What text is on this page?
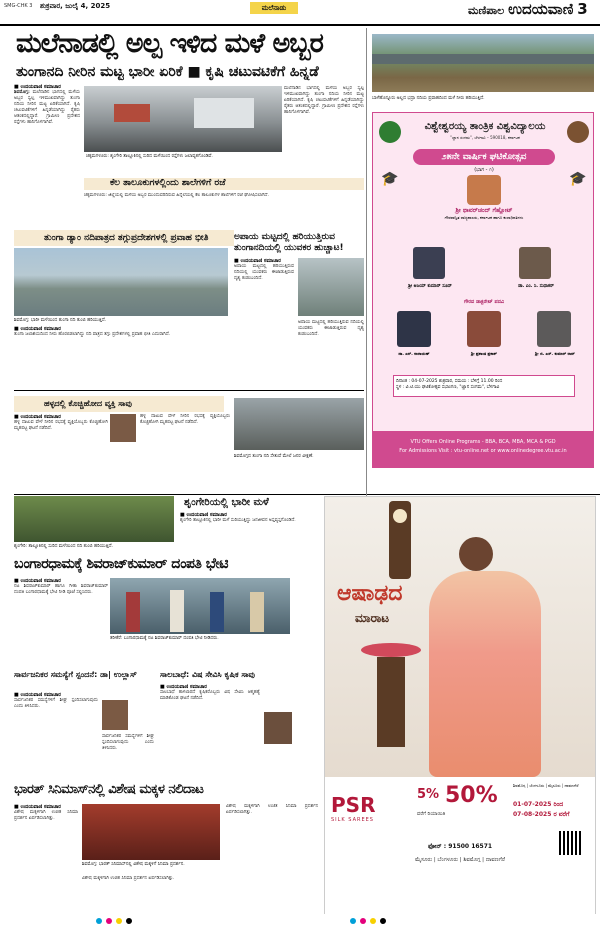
SMG-CHK 3 ಶುಕ್ರವಾರ, ಜುಲೈ 4, 2025	ಮಲೆನಾಡು	ಮಣಿಪಾಲ ಉದಯವಾಣಿ 3
ಮಲೆನಾಡಲ್ಲಿ ಅಲ್ಪ ಇಳಿದ ಮಳೆ ಅಬ್ಬರ
ತುಂಗಾನದಿ ನೀರಿನ ಮಟ್ಟ ಭಾರೀ ಏರಿಕೆ ■ ಕೃಷಿ ಚಟುವಟಿಕೆಗೆ ಹಿನ್ನಡೆ
■ ಉದಯವಾಣಿ ಸಮಾಚಾರ
ಶಿವಮೊಗ್ಗ: ಮಲೆನಾಡಿನ ಭಾಗದಲ್ಲಿ ಮಳೆಯ ಅಬ್ಬರ ಸ್ವಲ್ಪ ಇಳಿಮುಖವಾಗಿದ್ದು ತುಂಗಾ ನದಿಯ ನೀರಿನ ಮಟ್ಟ ಏರಿಕೆಯಾಗಿದೆ. ಕೃಷಿ ಚಟುವಟಿಕೆಗಳಿಗೆ ಹಿನ್ನಡೆಯಾಗಿದ್ದು ರೈತರು ಆತಂಕದಲ್ಲಿದ್ದಾರೆ. ಗ್ರಾಮೀಣ ಪ್ರದೇಶದ ರಸ್ತೆಗಳು ಹಾನಿಗೊಳಗಾಗಿವೆ.
ಚಿಕ್ಕಮಗಳೂರು: ಶೃಂಗೇರಿ ತಾಲ್ಲೂಕಿನಲ್ಲಿ ಸುರಿದ ಮಳೆಯಿಂದ ರಸ್ತೆಗಳು ಜಲಾವೃತಗೊಂಡಿವೆ.
ಮಲೆನಾಡಿನ ಭಾಗದಲ್ಲಿ ಮಳೆಯ ಅಬ್ಬರ ಸ್ವಲ್ಪ ಇಳಿಮುಖವಾಗಿದ್ದು ತುಂಗಾ ನದಿಯ ನೀರಿನ ಮಟ್ಟ ಏರಿಕೆಯಾಗಿದೆ. ಕೃಷಿ ಚಟುವಟಿಕೆಗಳಿಗೆ ಹಿನ್ನಡೆಯಾಗಿದ್ದು ರೈತರು ಆತಂಕದಲ್ಲಿದ್ದಾರೆ. ಗ್ರಾಮೀಣ ಪ್ರದೇಶದ ರಸ್ತೆಗಳು ಹಾನಿಗೊಳಗಾಗಿವೆ.
ಕೆಲ ತಾಲೂಕುಗಳಲ್ಲಿಂದು ಶಾಲೆಗಳಿಗೆ ರಜೆ
ಚಿಕ್ಕಮಗಳೂರು: ಜಿಲ್ಲೆಯಲ್ಲಿ ಮಳೆಯ ಅಬ್ಬರ ಮುಂದುವರಿದಿರುವ ಹಿನ್ನೆಲೆಯಲ್ಲಿ ಕೆಲ ತಾಲೂಕುಗಳ ಶಾಲೆಗಳಿಗೆ ರಜೆ ಘೋಷಿಸಲಾಗಿದೆ.
ಬಾಳೆಹೊನ್ನೂರು ಅಲ್ಲದ ಭದ್ರಾ ನದಿಯ ಪ್ರವಾಹದಿಂದ ಮಳೆ ನೀರು ಹರಿಯುತ್ತಿದೆ.
ತುಂಗಾ ಡ್ಯಾಂ ನದಿಪಾತ್ರದ ತಗ್ಗುಪ್ರದೇಶಗಳಲ್ಲಿ ಪ್ರವಾಹ ಭೀತಿ
ಶಿವಮೊಗ್ಗ: ಭಾರೀ ಮಳೆಯಿಂದ ತುಂಗಾ ನದಿ ತುಂಬಿ ಹರಿಯುತ್ತಿದೆ.
■ ಉದಯವಾಣಿ ಸಮಾಚಾರ
ತುಂಗಾ ಜಲಾಶಯದಿಂದ ನೀರು ಹೊರಬಿಡಲಾಗಿದ್ದು ನದಿ ಪಾತ್ರದ ತಗ್ಗು ಪ್ರದೇಶಗಳಲ್ಲಿ ಪ್ರವಾಹ ಭೀತಿ ಎದುರಾಗಿದೆ.
ಅಪಾಯ ಮಟ್ಟದಲ್ಲಿ ಹರಿಯುತ್ತಿರುವ ತುಂಗಾನದಿಯಲ್ಲಿ ಯುವಕರ ಹುಚ್ಚಾಟ!
■ ಉದಯವಾಣಿ ಸಮಾಚಾರ
ಅಪಾಯ ಮಟ್ಟದಲ್ಲಿ ಹರಿಯುತ್ತಿರುವ ನದಿಯಲ್ಲಿ ಯುವಕರು ಈಜಾಡುತ್ತಿರುವ ದೃಶ್ಯ ಕಂಡುಬಂದಿದೆ.
ಅಪಾಯ ಮಟ್ಟದಲ್ಲಿ ಹರಿಯುತ್ತಿರುವ ನದಿಯಲ್ಲಿ ಯುವಕರು ಈಜಾಡುತ್ತಿರುವ ದೃಶ್ಯ ಕಂಡುಬಂದಿದೆ.
ಹಳ್ಳದಲ್ಲಿ ಕೊಚ್ಚಿಹೋದ ವ್ಯಕ್ತಿ ಸಾವು
■ ಉದಯವಾಣಿ ಸಮಾಚಾರ
ಹಳ್ಳ ದಾಟುವ ವೇಳೆ ನೀರಿನ ರಭಸಕ್ಕೆ ವ್ಯಕ್ತಿಯೊಬ್ಬರು ಕೊಚ್ಚಿಹೋಗಿ ಮೃತಪಟ್ಟ ಘಟನೆ ನಡೆದಿದೆ.
ಹಳ್ಳ ದಾಟುವ ವೇಳೆ ನೀರಿನ ರಭಸಕ್ಕೆ ವ್ಯಕ್ತಿಯೊಬ್ಬರು ಕೊಚ್ಚಿಹೋಗಿ ಮೃತಪಟ್ಟ ಘಟನೆ ನಡೆದಿದೆ.
ಶಿವಮೊಗ್ಗದ ತುಂಗಾ ನದಿ ಸೇತುವೆ ಮೇಲೆ ಜನರ ವೀಕ್ಷಣೆ.
ವಿಶ್ವೇಶ್ವರಯ್ಯ ತಾಂತ್ರಿಕ ವಿಶ್ವವಿದ್ಯಾಲಯ
"ಜ್ಞಾನ ಸಂಗಮ", ಬೆಳಗಾವಿ – 590018, ಕರ್ನಾಟಕ
೨೫ನೇ ವಾರ್ಷಿಕ ಘಟಿಕೋತ್ಸವ
(ಭಾಗ - ೧)
🎓	🎓
ಶ್ರೀ ಥಾವರ್‌ಚಂದ್ ಗೆಹ್ಲೋಟ್
ಗೌರವಾನ್ವಿತ ರಾಜ್ಯಪಾಲರು, ಕರ್ನಾಟಕ ಹಾಗೂ ಕುಲಾಧಿಪತಿಗಳು
ಶ್ರೀ ಅಜಯ್ ಕುಮಾರ್ ಸೂದ್	ಡಾ. ಎಂ. ಸಿ. ಸುಧಾಕರ್
ಗೌರವ ಡಾಕ್ಟರೇಟ್ ಪದವಿ
ಡಾ. ಎಸ್. ನಾರಾಯಣ್	ಶ್ರೀ ಪ್ರಶಾಂತ ಪ್ರಕಾಶ್	ಶ್ರೀ ಜಿ. ಎಸ್. ಕುಮಾರ್ ರಾವ್
ದಿನಾಂಕ : 04-07-2025 ಶುಕ್ರವಾರ, ಸಮಯ : ಬೆಳಿಗ್ಗೆ 11.00 ರಿಂದ
ಸ್ಥಳ : ವಿ.ಟಿ.ಯು ಘಟಿಕೋತ್ಸವ ಸಭಾಂಗಣ, "ಜ್ಞಾನ ಸಂಗಮ", ಬೆಳಗಾವಿ
VTU Offers Online Programs - BBA, BCA, MBA, MCA & PGD
For Admissions Visit : vtu-online.net or www.onlinedegree.vtu.ac.in
ಶೃಂಗೇರಿಯಲ್ಲಿ ಭಾರೀ ಮಳೆ
ಶೃಂಗೇರಿ: ತಾಲ್ಲೂಕಿನಲ್ಲಿ ಸುರಿದ ಮಳೆಯಿಂದ ನದಿ ತುಂಬಿ ಹರಿಯುತ್ತಿದೆ.
■ ಉದಯವಾಣಿ ಸಮಾಚಾರ
ಶೃಂಗೇರಿ ತಾಲ್ಲೂಕಿನಲ್ಲಿ ಭಾರೀ ಮಳೆ ಸುರಿಯುತ್ತಿದ್ದು ಜನಜೀವನ ಅಸ್ತವ್ಯಸ್ತಗೊಂಡಿದೆ.
ಬಂಗಾರಧಾಮಕ್ಕೆ ಶಿವರಾಜ್‌ಕುಮಾರ್ ದಂಪತಿ ಭೇಟಿ
■ ಉದಯವಾಣಿ ಸಮಾಚಾರ
ನಟ ಶಿವರಾಜ್‌ಕುಮಾರ್ ಹಾಗೂ ಗೀತಾ ಶಿವರಾಜ್‌ಕುಮಾರ್ ದಂಪತಿ ಬಂಗಾರಧಾಮಕ್ಕೆ ಭೇಟಿ ನೀಡಿ ಪೂಜೆ ಸಲ್ಲಿಸಿದರು.
ತರೀಕೆರೆ: ಬಂಗಾರಧಾಮಕ್ಕೆ ನಟ ಶಿವರಾಜ್‌ಕುಮಾರ್ ದಂಪತಿ ಭೇಟಿ ನೀಡಿದರು.
ಸಾರ್ವಜನಿಕರ ಸಮಸ್ಯೆಗೆ ಸ್ಪಂದನೆ: ಡಾ| ಉಲ್ಲಾಸ್
■ ಉದಯವಾಣಿ ಸಮಾಚಾರ
ಸಾರ್ವಜನಿಕರ ಸಮಸ್ಯೆಗಳಿಗೆ ಶೀಘ್ರ ಸ್ಪಂದಿಸಲಾಗುವುದು ಎಂದು ತಿಳಿಸಿದರು.
ಸಾರ್ವಜನಿಕರ ಸಮಸ್ಯೆಗಳಿಗೆ ಶೀಘ್ರ ಸ್ಪಂದಿಸಲಾಗುವುದು ಎಂದು ತಿಳಿಸಿದರು.
ಸಾಲಬಾಧೆ: ವಿಷ ಸೇವಿಸಿ ಕೃಷಿಕ ಸಾವು
■ ಉದಯವಾಣಿ ಸಮಾಚಾರ
ಸಾಲಬಾಧೆ ತಾಳಲಾರದೆ ಕೃಷಿಕರೊಬ್ಬರು ವಿಷ ಸೇವಿಸಿ ಆತ್ಮಹತ್ಯೆ ಮಾಡಿಕೊಂಡ ಘಟನೆ ನಡೆದಿದೆ.
ಭಾರತ್ ಸಿನಿಮಾಸ್‌ನಲ್ಲಿ ವಿಶೇಷ ಮಕ್ಕಳ ನಲಿದಾಟ
■ ಉದಯವಾಣಿ ಸಮಾಚಾರ
ವಿಶೇಷ ಮಕ್ಕಳಿಗಾಗಿ ಉಚಿತ ಸಿನಿಮಾ ಪ್ರದರ್ಶನ ಏರ್ಪಡಿಸಲಾಗಿತ್ತು.
ಶಿವಮೊಗ್ಗ: ಭಾರತ್ ಸಿನಿಮಾಸ್‌ನಲ್ಲಿ ವಿಶೇಷ ಮಕ್ಕಳಿಗೆ ಸಿನಿಮಾ ಪ್ರದರ್ಶನ.
ವಿಶೇಷ ಮಕ್ಕಳಿಗಾಗಿ ಉಚಿತ ಸಿನಿಮಾ ಪ್ರದರ್ಶನ ಏರ್ಪಡಿಸಲಾಗಿತ್ತು.
ವಿಶೇಷ ಮಕ್ಕಳಿಗಾಗಿ ಉಚಿತ ಸಿನಿಮಾ ಪ್ರದರ್ಶನ ಏರ್ಪಡಿಸಲಾಗಿತ್ತು.
ಆಷಾಢದ
ಮಾರಾಟ
PSR
SILK SAREES
5% 50%
ವರೆಗೆ ರಿಯಾಯಿತಿ
01-07-2025 ರಿಂದ
07-08-2025 ರ ವರೆಗೆ
ಶಿವಮೊಗ್ಗ | ಬೆಂಗಳೂರು | ಮೈಸೂರು | ದಾವಣಗೆರೆ
ಫೋನ್ : 91500 16571
ಮೈಸೂರು | ಬೆಂಗಳೂರು | ಶಿವಮೊಗ್ಗ | ದಾವಣಗೆರೆ
